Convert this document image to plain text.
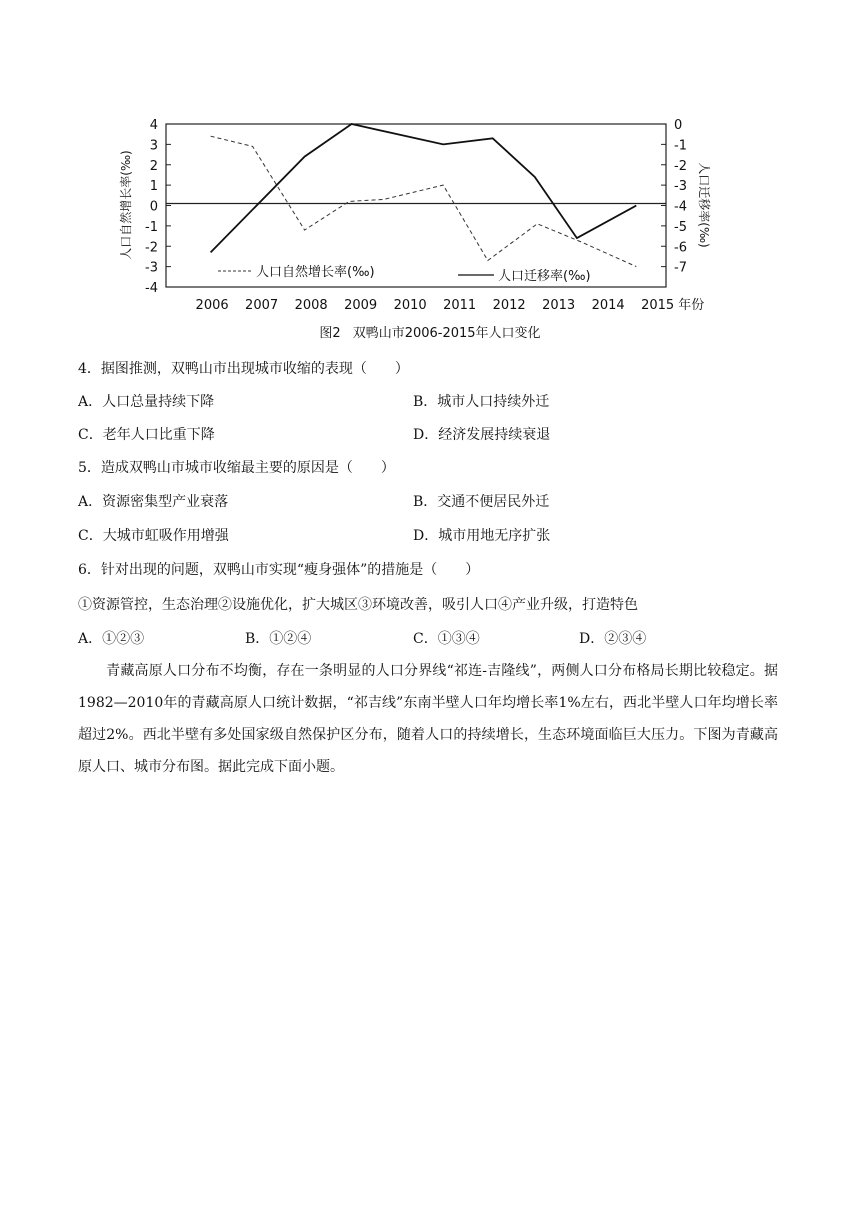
4
3
2
1
0
-1
-2
-3
-4
0
-1
-2
-3
-4
-5
-6
-7
2006 2007 2008 2009 2010 2011 2012 2013 2014 2015 年份
人口自然增长率(‰)	人口迁移率(‰)
人口自然增长率(‰)	人口迁移率(‰)
图2 双鸭山市2006-2015年人口变化
4．据图推测，双鸭山市出现城市收缩的表现（　　）
A．人口总量持续下降	B．城市人口持续外迁
C．老年人口比重下降	D．经济发展持续衰退
5．造成双鸭山市城市收缩最主要的原因是（　　）
A．资源密集型产业衰落	B．交通不便居民外迁
C．大城市虹吸作用增强	D．城市用地无序扩张
6．针对出现的问题，双鸭山市实现“瘦身强体”的措施是（　　）
①资源管控，生态治理②设施优化，扩大城区③环境改善，吸引人口④产业升级，打造特色
A．①②③	B．①②④	C．①③④	D．②③④
青藏高原人口分布不均衡，存在一条明显的人口分界线“祁连-吉隆线”，两侧人口分布格局长期比较稳定。据1982—2010年的青藏高原人口统计数据，“祁吉线”东南半壁人口年均增长率1%左右，西北半壁人口年均增长率超过2%。西北半壁有多处国家级自然保护区分布，随着人口的持续增长，生态环境面临巨大压力。下图为青藏高原人口、城市分布图。据此完成下面小题。
